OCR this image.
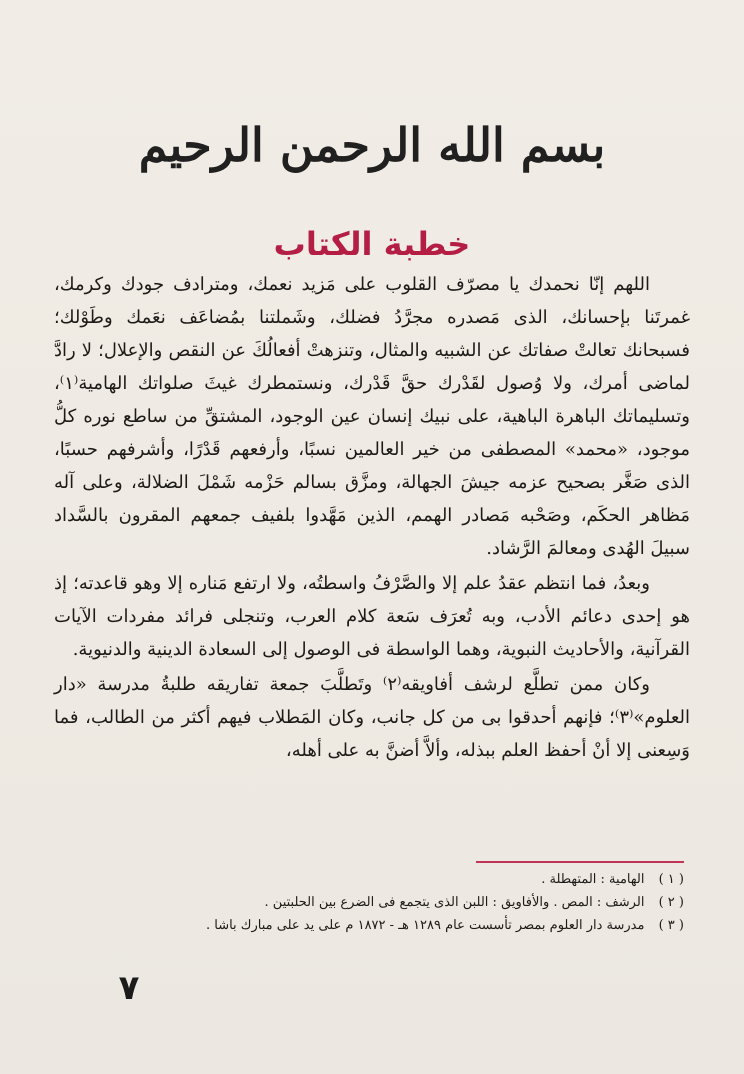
بسم الله الرحمن الرحيم
خطبة الكتاب

اللهم إنّا نحمدك يا مصرّف القلوب على مَزيد نعمك، ومترادف جودك وكرمك، غمرتَنا بإحسانك، الذى مَصدره مجرَّدُ فضلك، وشَملتنا بمُضاعَف نعَمك وطَوْلك؛ فسبحانك تعالتْ صفاتك عن الشبيه والمثال، وتنزهتْ أفعالُكَ عن النقص والإعلال؛ لا رادَّ لماضى أمرك، ولا وُصول لقَدْرك حقَّ قَدْرك، ونستمطرك غيثَ صلواتك الهامية⁽١⁾، وتسليماتك الباهرة الباهية، على نبيك إنسان عين الوجود، المشتقِّ من ساطع نوره كلُّ موجود، «محمد» المصطفى من خير العالمين نسبًا، وأرفعهم قَدْرًا، وأشرفهم حسبًا، الذى صَغَّر بصحيح عزمه جيشَ الجهالة، ومزَّق بسالم حَزْمه شَمْلَ الضلالة، وعلى آله مَظاهر الحكَم، وصَحْبه مَصادر الهمم، الذين مَهَّدوا بلفيف جمعهم المقرون بالسَّداد سبيلَ الهُدى ومعالمَ الرَّشاد.

وبعدُ، فما انتظم عقدُ علم إلا والصَّرْفُ واسطتُه، ولا ارتفع مَناره إلا وهو قاعدته؛ إذ هو إحدى دعائم الأدب، وبه تُعرَف سَعة كلام العرب، وتنجلى فرائد مفردات الآيات القرآنية، والأحاديث النبوية، وهما الواسطة فى الوصول إلى السعادة الدينية والدنيوية.

وكان ممن تطلَّع لرشف أفاويقه⁽٢⁾ وتَطلَّبَ جمعة تفاريقه طلبةُ مدرسة «دار العلوم»⁽٣⁾؛ فإنهم أحدقوا بى من كل جانب، وكان المَطلاب فيهم أكثر من الطالب، فما وَسِعنى إلا أنْ أحفظ العلم ببذله، وألاَّ أضنَّ به على أهله،

( ١ ) الهامية : المتهطلة .

( ٢ ) الرشف : المص . والأفاويق : اللبن الذى يتجمع فى الضرع بين الحلبتين .

( ٣ ) مدرسة دار العلوم بمصر تأسست عام ١٢٨٩ هـ - ١٨٧٢ م على يد على مبارك باشا .

٧
